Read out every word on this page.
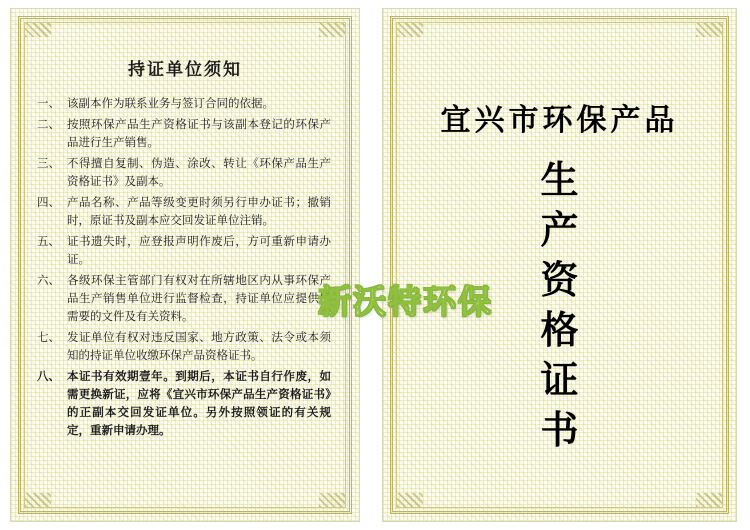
持证单位须知
一、 该副本作为联系业务与签订合同的依据。
二、 按照环保产品生产资格证书与该副本登记的环保产品进行生产销售。
三、 不得擅自复制、伪造、涂改、转让《环保产品生产资格证书》及副本。
四、 产品名称、产品等级变更时须另行申办证书；撤销时，原证书及副本应交回发证单位注销。
五、 证书遗失时，应登报声明作废后，方可重新申请办证。
六、 各级环保主管部门有权对在所辖地区内从事环保产品生产销售单位进行监督检查，持证单位应提供所需要的文件及有关资料。
七、 发证单位有权对违反国家、地方政策、法令或本须知的持证单位收缴环保产品资格证书。
八、 本证书有效期壹年。到期后，本证书自行作废，如需更换新证，应将《宜兴市环保产品生产资格证书》的正副本交回发证单位。另外按照领证的有关规定，重新申请办理。
宜兴市环保产品
生
产
资
格
证
书
新沃特环保
